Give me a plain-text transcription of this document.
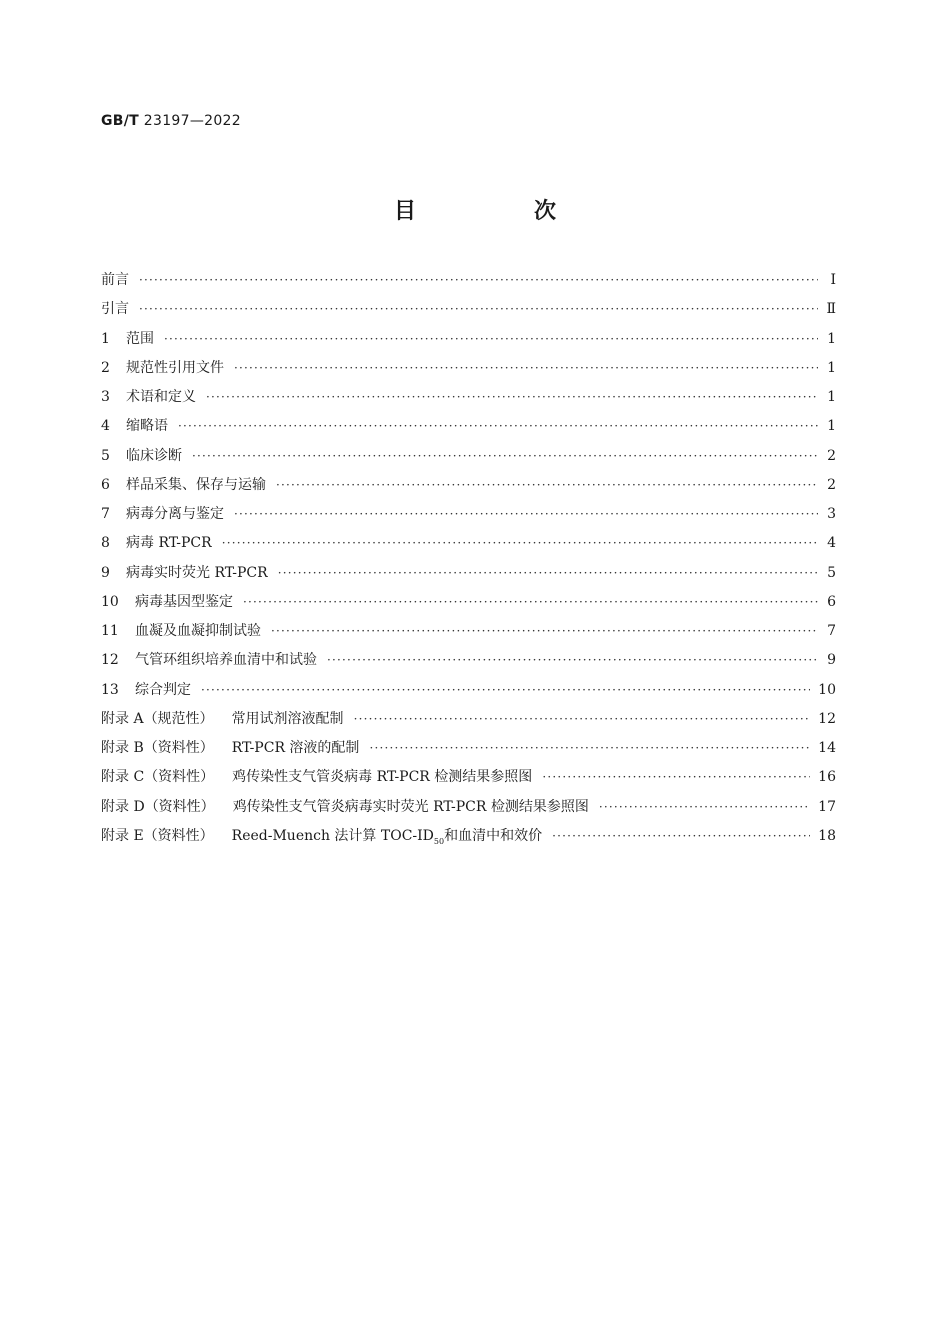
GB/T 23197—2022
目　次
前言 ·····	Ⅰ
引言 ·····	Ⅱ
1	范围 ·····	1
2	规范性引用文件 ·····	1
3	术语和定义 ·····	1
4	缩略语 ·····	1
5	临床诊断 ·····	2
6	样品采集、保存与运输 ·····	2
7	病毒分离与鉴定 ·····	3
8	病毒 RT-PCR ·····	4
9	病毒实时荧光 RT-PCR ·····	5
10	病毒基因型鉴定 ·····	6
11	血凝及血凝抑制试验 ·····	7
12	气管环组织培养血清中和试验 ·····	9
13	综合判定 ·····	10
附录 A （规范性） 常用试剂溶液配制 ·····	12
附录 B （资料性） RT-PCR 溶液的配制 ·····	14
附录 C （资料性） 鸡传染性支气管炎病毒 RT-PCR 检测结果参照图 ·····	16
附录 D （资料性） 鸡传染性支气管炎病毒实时荧光 RT-PCR 检测结果参照图 ·····	17
附录 E （资料性） Reed-Muench 法计算 TOC-$ID_{50}$和血清中和效价 ·····	18
